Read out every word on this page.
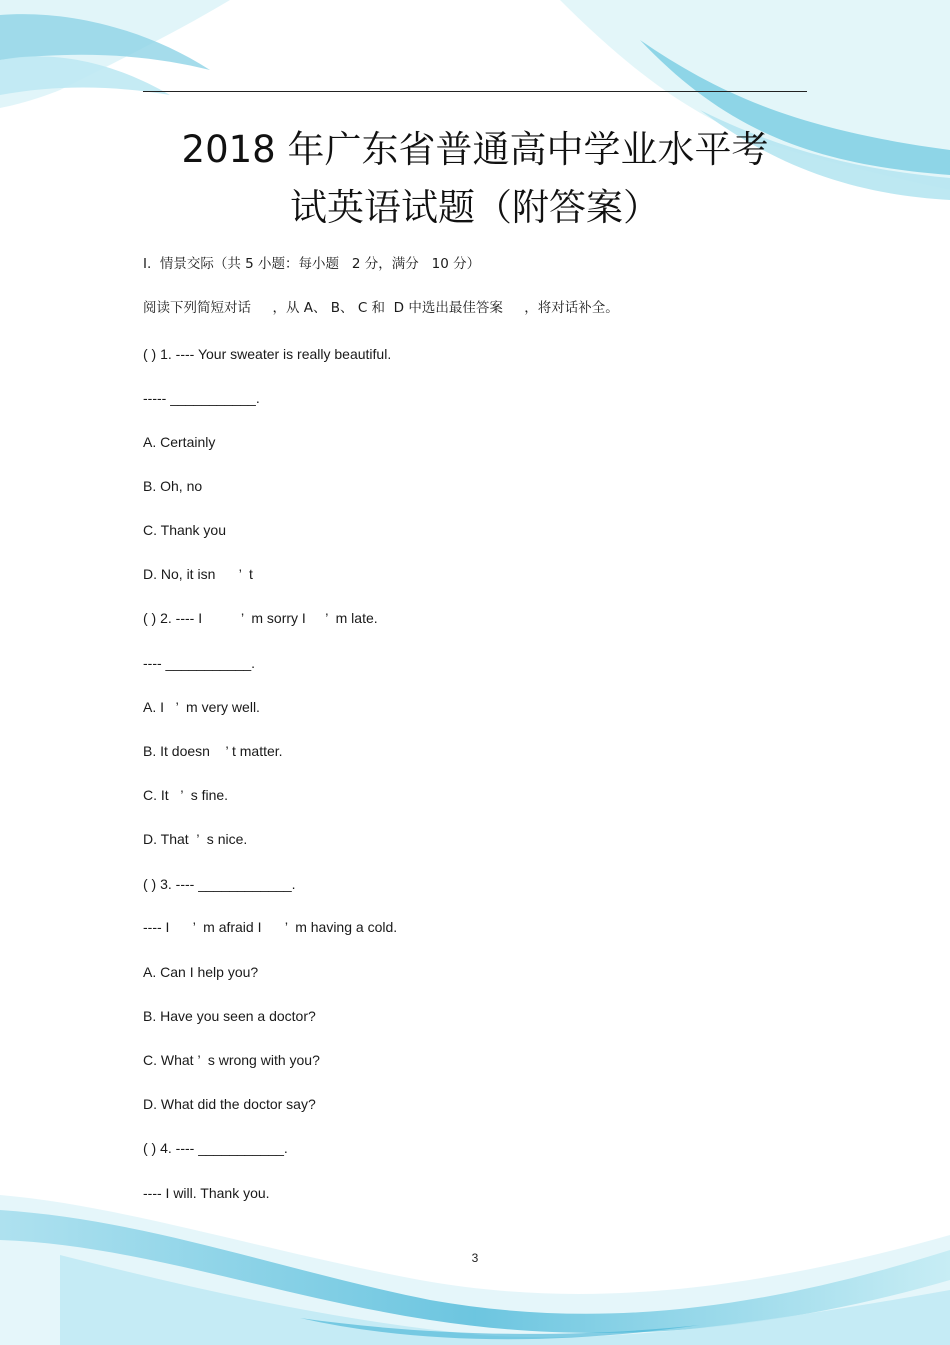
2018 年广东省普通高中学业水平考
试英语试题（附答案）
I.  情景交际（共 5 小题：每小题   2 分，满分   10 分）
阅读下列简短对话     ，从 A、 B、 C 和  D 中选出最佳答案     ，将对话补全。
( ) 1. ---- Your sweater is really beautiful.
----- ___________.
A. Certainly
B. Oh, no
C. Thank you
D. No, it isn      ’  t
( ) 2. ---- I          ’  m sorry I     ’  m late.
---- ___________.
A. I   ’  m very well.
B. It doesn    ’ t matter.
C. It   ’  s fine.
D. That  ’  s nice.
( ) 3. ---- ____________.
---- I      ’  m afraid I      ’  m having a cold.
A. Can I help you?
B. Have you seen a doctor?
C. What ’  s wrong with you?
D. What did the doctor say?
( ) 4. ---- ___________.
---- I will. Thank you.
3
